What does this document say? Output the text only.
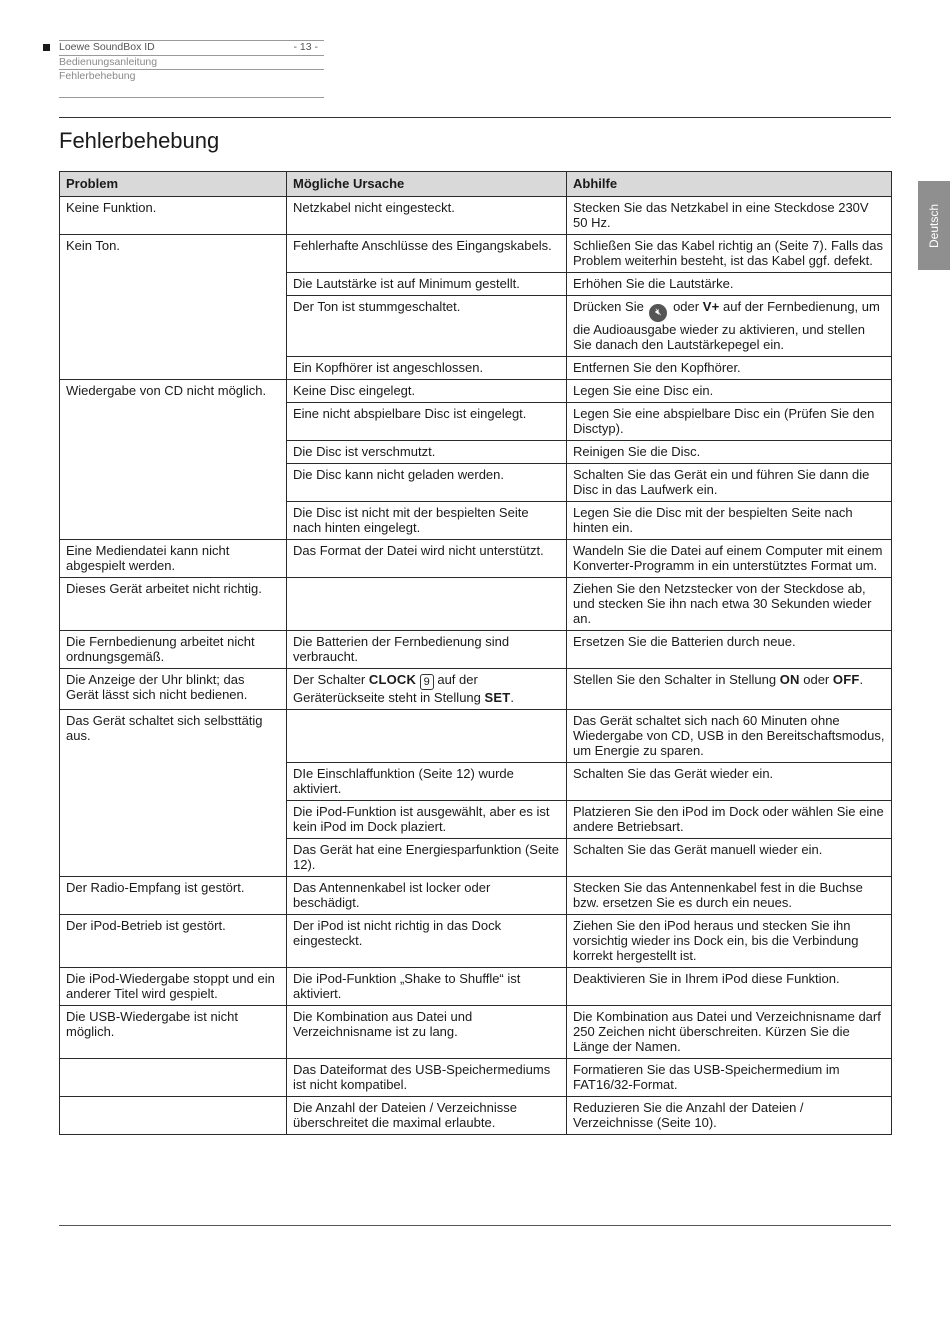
Loewe SoundBox ID	- 13 -
Bedienungsanleitung
Fehlerbehebung
Fehlerbehebung
Deutsch
Problem	Mögliche Ursache	Abhilfe
Keine Funktion.	Netzkabel nicht eingesteckt.	Stecken Sie das Netzkabel in eine Steckdose 230V 50 Hz.
Kein Ton.	Fehlerhafte Anschlüsse des Eingangskabels.	Schließen Sie das Kabel richtig an (Seite 7). Falls das Problem weiterhin besteht, ist das Kabel ggf. defekt.
	Die Lautstärke ist auf Minimum gestellt.	Erhöhen Sie die Lautstärke.
	Der Ton ist stummgeschaltet.	Drücken Sie 🔇︎ oder V+ auf der Fernbedienung, um die Audioausgabe wieder zu aktivieren, und stellen Sie danach den Lautstärkepegel ein.
	Ein Kopfhörer ist angeschlossen.	Entfernen Sie den Kopfhörer.
Wiedergabe von CD nicht möglich.	Keine Disc eingelegt.	Legen Sie eine Disc ein.
	Eine nicht abspielbare Disc ist eingelegt.	Legen Sie eine abspielbare Disc ein (Prüfen Sie den Disctyp).
	Die Disc ist verschmutzt.	Reinigen Sie die Disc.
	Die Disc kann nicht geladen werden.	Schalten Sie das Gerät ein und führen Sie dann die Disc in das Laufwerk ein.
	Die Disc ist nicht mit der bespielten Seite nach hinten eingelegt.	Legen Sie die Disc mit der bespielten Seite nach hinten ein.
Eine Mediendatei kann nicht abgespielt werden.	Das Format der Datei wird nicht unterstützt.	Wandeln Sie die Datei auf einem Computer mit einem Konverter-Programm in ein unterstütztes Format um.
Dieses Gerät arbeitet nicht richtig.		Ziehen Sie den Netzstecker von der Steckdose ab, und stecken Sie ihn nach etwa 30 Sekunden wieder an.
Die Fernbedienung arbeitet nicht ordnungsgemäß.	Die Batterien der Fernbedienung sind verbraucht.	Ersetzen Sie die Batterien durch neue.
Die Anzeige der Uhr blinkt; das Gerät lässt sich nicht bedienen.	Der Schalter CLOCK 9 auf der Geräterückseite steht in Stellung SET.	Stellen Sie den Schalter in Stellung ON oder OFF.
Das Gerät schaltet sich selbsttätig aus.		Das Gerät schaltet sich nach 60 Minuten ohne Wiedergabe von CD, USB in den Bereitschaftsmodus, um Energie zu sparen.
	DIe Einschlaffunktion (Seite 12) wurde aktiviert.	Schalten Sie das Gerät wieder ein.
	Die iPod-Funktion ist ausgewählt, aber es ist kein iPod im Dock plaziert.	Platzieren Sie den iPod im Dock oder wählen Sie eine andere Betriebsart.
	Das Gerät hat eine Energiesparfunktion (Seite 12).	Schalten Sie das Gerät manuell wieder ein.
Der Radio-Empfang ist gestört.	Das Antennenkabel ist locker oder beschädigt.	Stecken Sie das Antennenkabel fest in die Buchse bzw. ersetzen Sie es durch ein neues.
Der iPod-Betrieb ist gestört.	Der iPod ist nicht richtig in das Dock eingesteckt.	Ziehen Sie den iPod heraus und stecken Sie ihn vorsichtig wieder ins Dock ein, bis die Verbindung korrekt hergestellt ist.
Die iPod-Wiedergabe stoppt und ein anderer Titel wird gespielt.	Die iPod-Funktion „Shake to Shuffle“ ist aktiviert.	Deaktivieren Sie in Ihrem iPod diese Funktion.
Die USB-Wiedergabe ist nicht möglich.	Die Kombination aus Datei und Verzeichnisname ist zu lang.	Die Kombination aus Datei und Verzeichnisname darf 250 Zeichen nicht überschreiten. Kürzen Sie die Länge der Namen.
	Das Dateiformat des USB-Speichermediums ist nicht kompatibel.	Formatieren Sie das USB-Speichermedium im FAT16/32-Format.
	Die Anzahl der Dateien / Verzeichnisse überschreitet die maximal erlaubte.	Reduzieren Sie die Anzahl der Dateien / Verzeichnisse (Seite 10).
